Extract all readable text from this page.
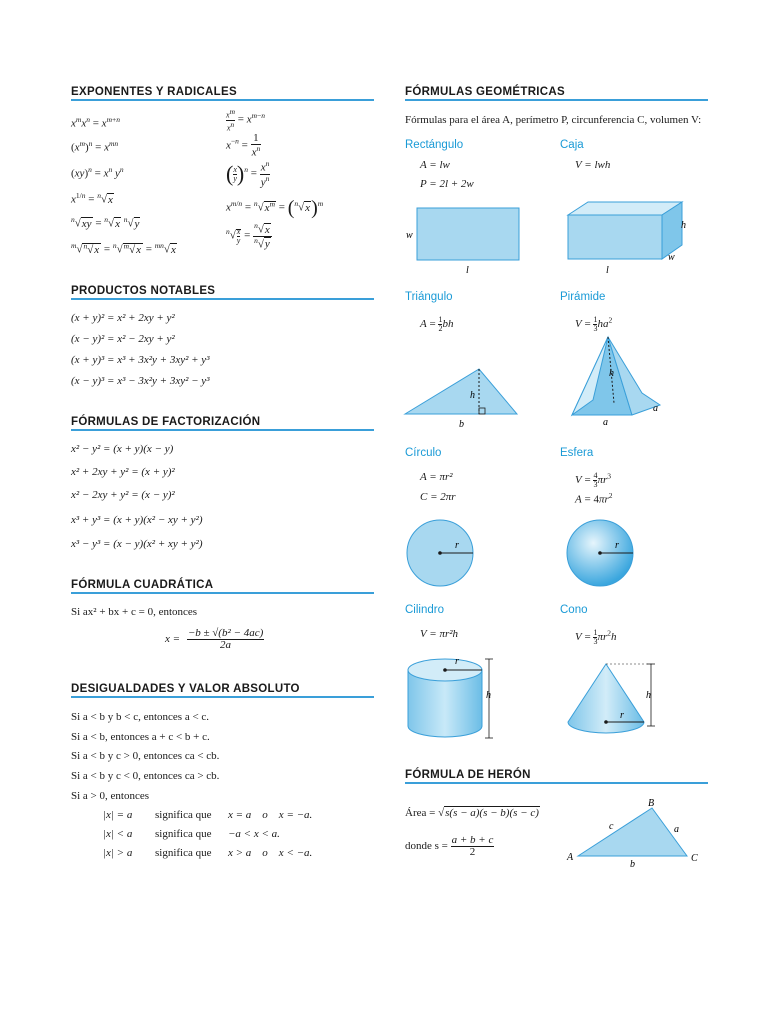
EXPONENTES Y RADICALES
$x^mx^n = x^{m+n}$
$(x^m)^n = x^{mn}$
$(xy)^n = x^n$ $y^n$
$x^{1/n} = ^n√x$
$^n$√xy = $^n$√x $^n$√y
$^m$√$^n$√x = $^n$√$^m$√x = $^{mn}$√x
$\frac{x^m}{x^n} = x^{m-n}$
$x^{-n} = \frac{1}{x^n}$
( $\frac{x}{y} )^n = \frac{x^n}{y^n}$
$x^{m/n} = ^n√x^m = (^n√x)^m$
$^n√ \frac{x}{y} = \frac{^n√x}{^n√y}$
PRODUCTOS NOTABLES
(x + y)² = x² + 2xy + y²
(x − y)² = x² − 2xy + y²
(x + y)³ = x³ + 3x²y + 3xy² + y³
(x − y)³ = x³ − 3x²y + 3xy² − y³
FÓRMULAS DE FACTORIZACIÓN
x² − y² = (x + y)(x − y)
x² + 2xy + y² = (x + y)²
x² − 2xy + y² = (x − y)²
x³ + y³ = (x + y)(x² − xy + y²)
x³ − y³ = (x − y)(x² + xy + y²)
FÓRMULA CUADRÁTICA
Si ax² + bx + c = 0, entonces
$x = \frac{\text{−b ± √(b² − 4ac)}}{2a}$
DESIGUALDADES Y VALOR ABSOLUTO
Si a < b y b < c, entonces a < c.
Si a < b, entonces a + c < b + c.
Si a < b y c > 0, entonces ca < cb.
Si a < b y c < 0, entonces ca > cb.
Si a > 0, entonces
|x| = a significa que x = a    o    x = −a.
|x| < a significa que −a < x < a.
|x| > a significa que x > a    o    x < −a.
FÓRMULAS GEOMÉTRICAS
Fórmulas para el área A, perímetro P, circunferencia C, volumen V:
Rectángulo
A = lw
P = 2l + 2w
w
l
Caja
V = lwh
h
w
l
Triángulo
$A = \frac{1}{2}$ bh
h
b
Pirámide
$V = \frac{1}{3} ha^2$
h
a
a
Círculo
A = πr²
C = 2πr
r
Esfera
$V = \frac{4}{3} \pi r^3$
$A = 4\pi r^2$
r
Cilindro
V = πr²h
r
h
Cono
$V = \frac{1}{3} \pi r^2h$
r
h
FÓRMULA DE HERÓN
Área = √s(s − a)(s − b)(s − c)
donde $s = \frac{a + b + c}{2}$
B
A	C
c	a
b
